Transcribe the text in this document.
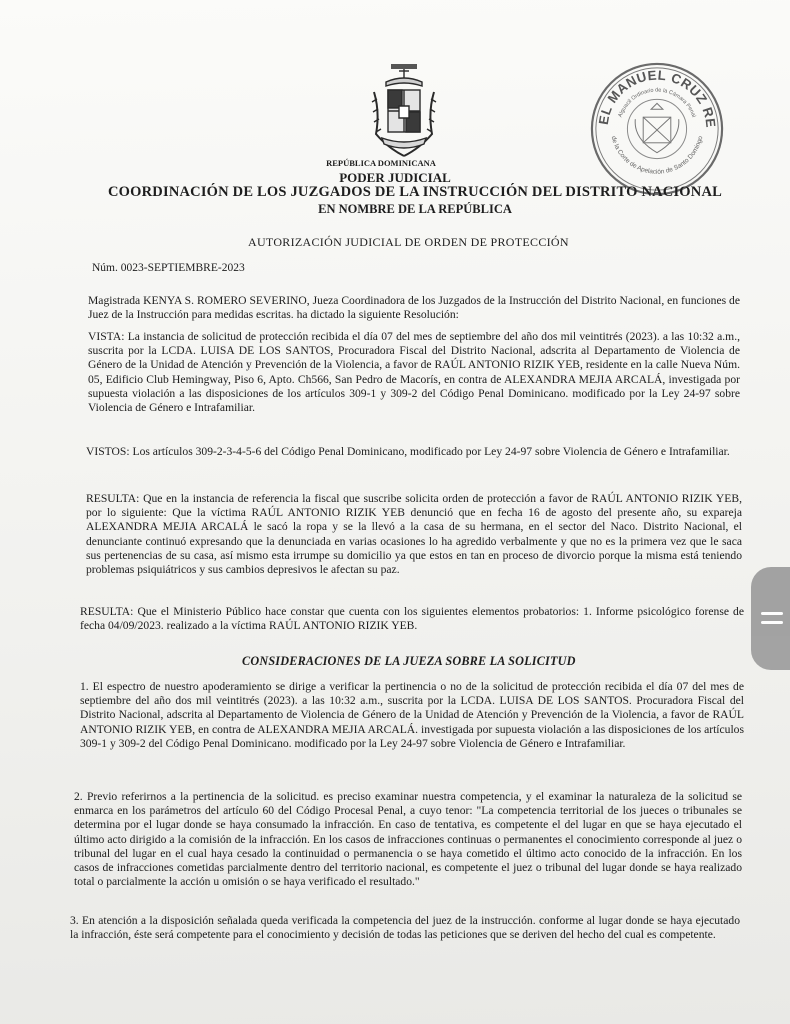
EL MANUEL CRUZ RE
Alguacil Ordinario de la Cámara Penal
de la Corte de Apelación de Santo Domingo
REPÚBLICA DOMINICANA
PODER JUDICIAL
COORDINACIÓN DE LOS JUZGADOS DE LA INSTRUCCIÓN DEL DISTRITO NACIONAL
EN NOMBRE DE LA REPÚBLICA
AUTORIZACIÓN JUDICIAL DE ORDEN DE PROTECCIÓN
Núm. 0023-SEPTIEMBRE-2023
Magistrada KENYA S. ROMERO SEVERINO, Jueza Coordinadora de los Juzgados de la Instrucción del Distrito Nacional, en funciones de Juez de la Instrucción para medidas escritas. ha dictado la siguiente Resolución:
VISTA: La instancia de solicitud de protección recibida el día 07 del mes de septiembre del año dos mil veintitrés (2023). a las 10:32 a.m., suscrita por la LCDA. LUISA DE LOS SANTOS, Procuradora Fiscal del Distrito Nacional, adscrita al Departamento de Violencia de Género de la Unidad de Atención y Prevención de la Violencia, a favor de RAÚL ANTONIO RIZIK YEB, residente en la calle Nueva Núm. 05, Edificio Club Hemingway, Piso 6, Apto. Ch566, San Pedro de Macorís, en contra de ALEXANDRA MEJIA ARCALÁ, investigada por supuesta violación a las disposiciones de los artículos 309-1 y 309-2 del Código Penal Dominicano. modificado por la Ley 24-97 sobre Violencia de Género e Intrafamiliar.
VISTOS: Los artículos 309-2-3-4-5-6 del Código Penal Dominicano, modificado por Ley 24-97 sobre Violencia de Género e Intrafamiliar.
RESULTA: Que en la instancia de referencia la fiscal que suscribe solicita orden de protección a favor de RAÚL ANTONIO RIZIK YEB, por lo siguiente: Que la víctima RAÚL ANTONIO RIZIK YEB denunció que en fecha 16 de agosto del presente año, su expareja ALEXANDRA MEJIA ARCALÁ le sacó la ropa y se la llevó a la casa de su hermana, en el sector del Naco. Distrito Nacional, el denunciante continuó expresando que la denunciada en varias ocasiones lo ha agredido verbalmente y que no es la primera vez que le saca sus pertenencias de su casa, así mismo esta irrumpe su domicilio ya que estos en tan en proceso de divorcio porque la misma está teniendo problemas psiquiátricos y sus cambios depresivos le afectan su paz.
RESULTA: Que el Ministerio Público hace constar que cuenta con los siguientes elementos probatorios: 1. Informe psicológico forense de fecha 04/09/2023. realizado a la víctima RAÚL ANTONIO RIZIK YEB.
CONSIDERACIONES DE LA JUEZA SOBRE LA SOLICITUD
1. El espectro de nuestro apoderamiento se dirige a verificar la pertinencia o no de la solicitud de protección recibida el día 07 del mes de septiembre del año dos mil veintitrés (2023). a las 10:32 a.m., suscrita por la LCDA. LUISA DE LOS SANTOS. Procuradora Fiscal del Distrito Nacional, adscrita al Departamento de Violencia de Género de la Unidad de Atención y Prevención de la Violencia, a favor de RAÚL ANTONIO RIZIK YEB, en contra de ALEXANDRA MEJIA ARCALÁ. investigada por supuesta violación a las disposiciones de los artículos 309-1 y 309-2 del Código Penal Dominicano. modificado por la Ley 24-97 sobre Violencia de Género e Intrafamiliar.
2. Previo referirnos a la pertinencia de la solicitud. es preciso examinar nuestra competencia, y el examinar la naturaleza de la solicitud se enmarca en los parámetros del artículo 60 del Código Procesal Penal, a cuyo tenor: "La competencia territorial de los jueces o tribunales se determina por el lugar donde se haya consumado la infracción. En caso de tentativa, es competente el del lugar en que se haya ejecutado el último acto dirigido a la comisión de la infracción. En los casos de infracciones continuas o permanentes el conocimiento corresponde al juez o tribunal del lugar en el cual haya cesado la continuidad o permanencia o se haya cometido el último acto conocido de la infracción. En los casos de infracciones cometidas parcialmente dentro del territorio nacional, es competente el juez o tribunal del lugar donde se haya realizado total o parcialmente la acción u omisión o se haya verificado el resultado."
3. En atención a la disposición señalada queda verificada la competencia del juez de la instrucción. conforme al lugar donde se haya ejecutado la infracción, éste será competente para el conocimiento y decisión de todas las peticiones que se deriven del hecho del cual es competente.
